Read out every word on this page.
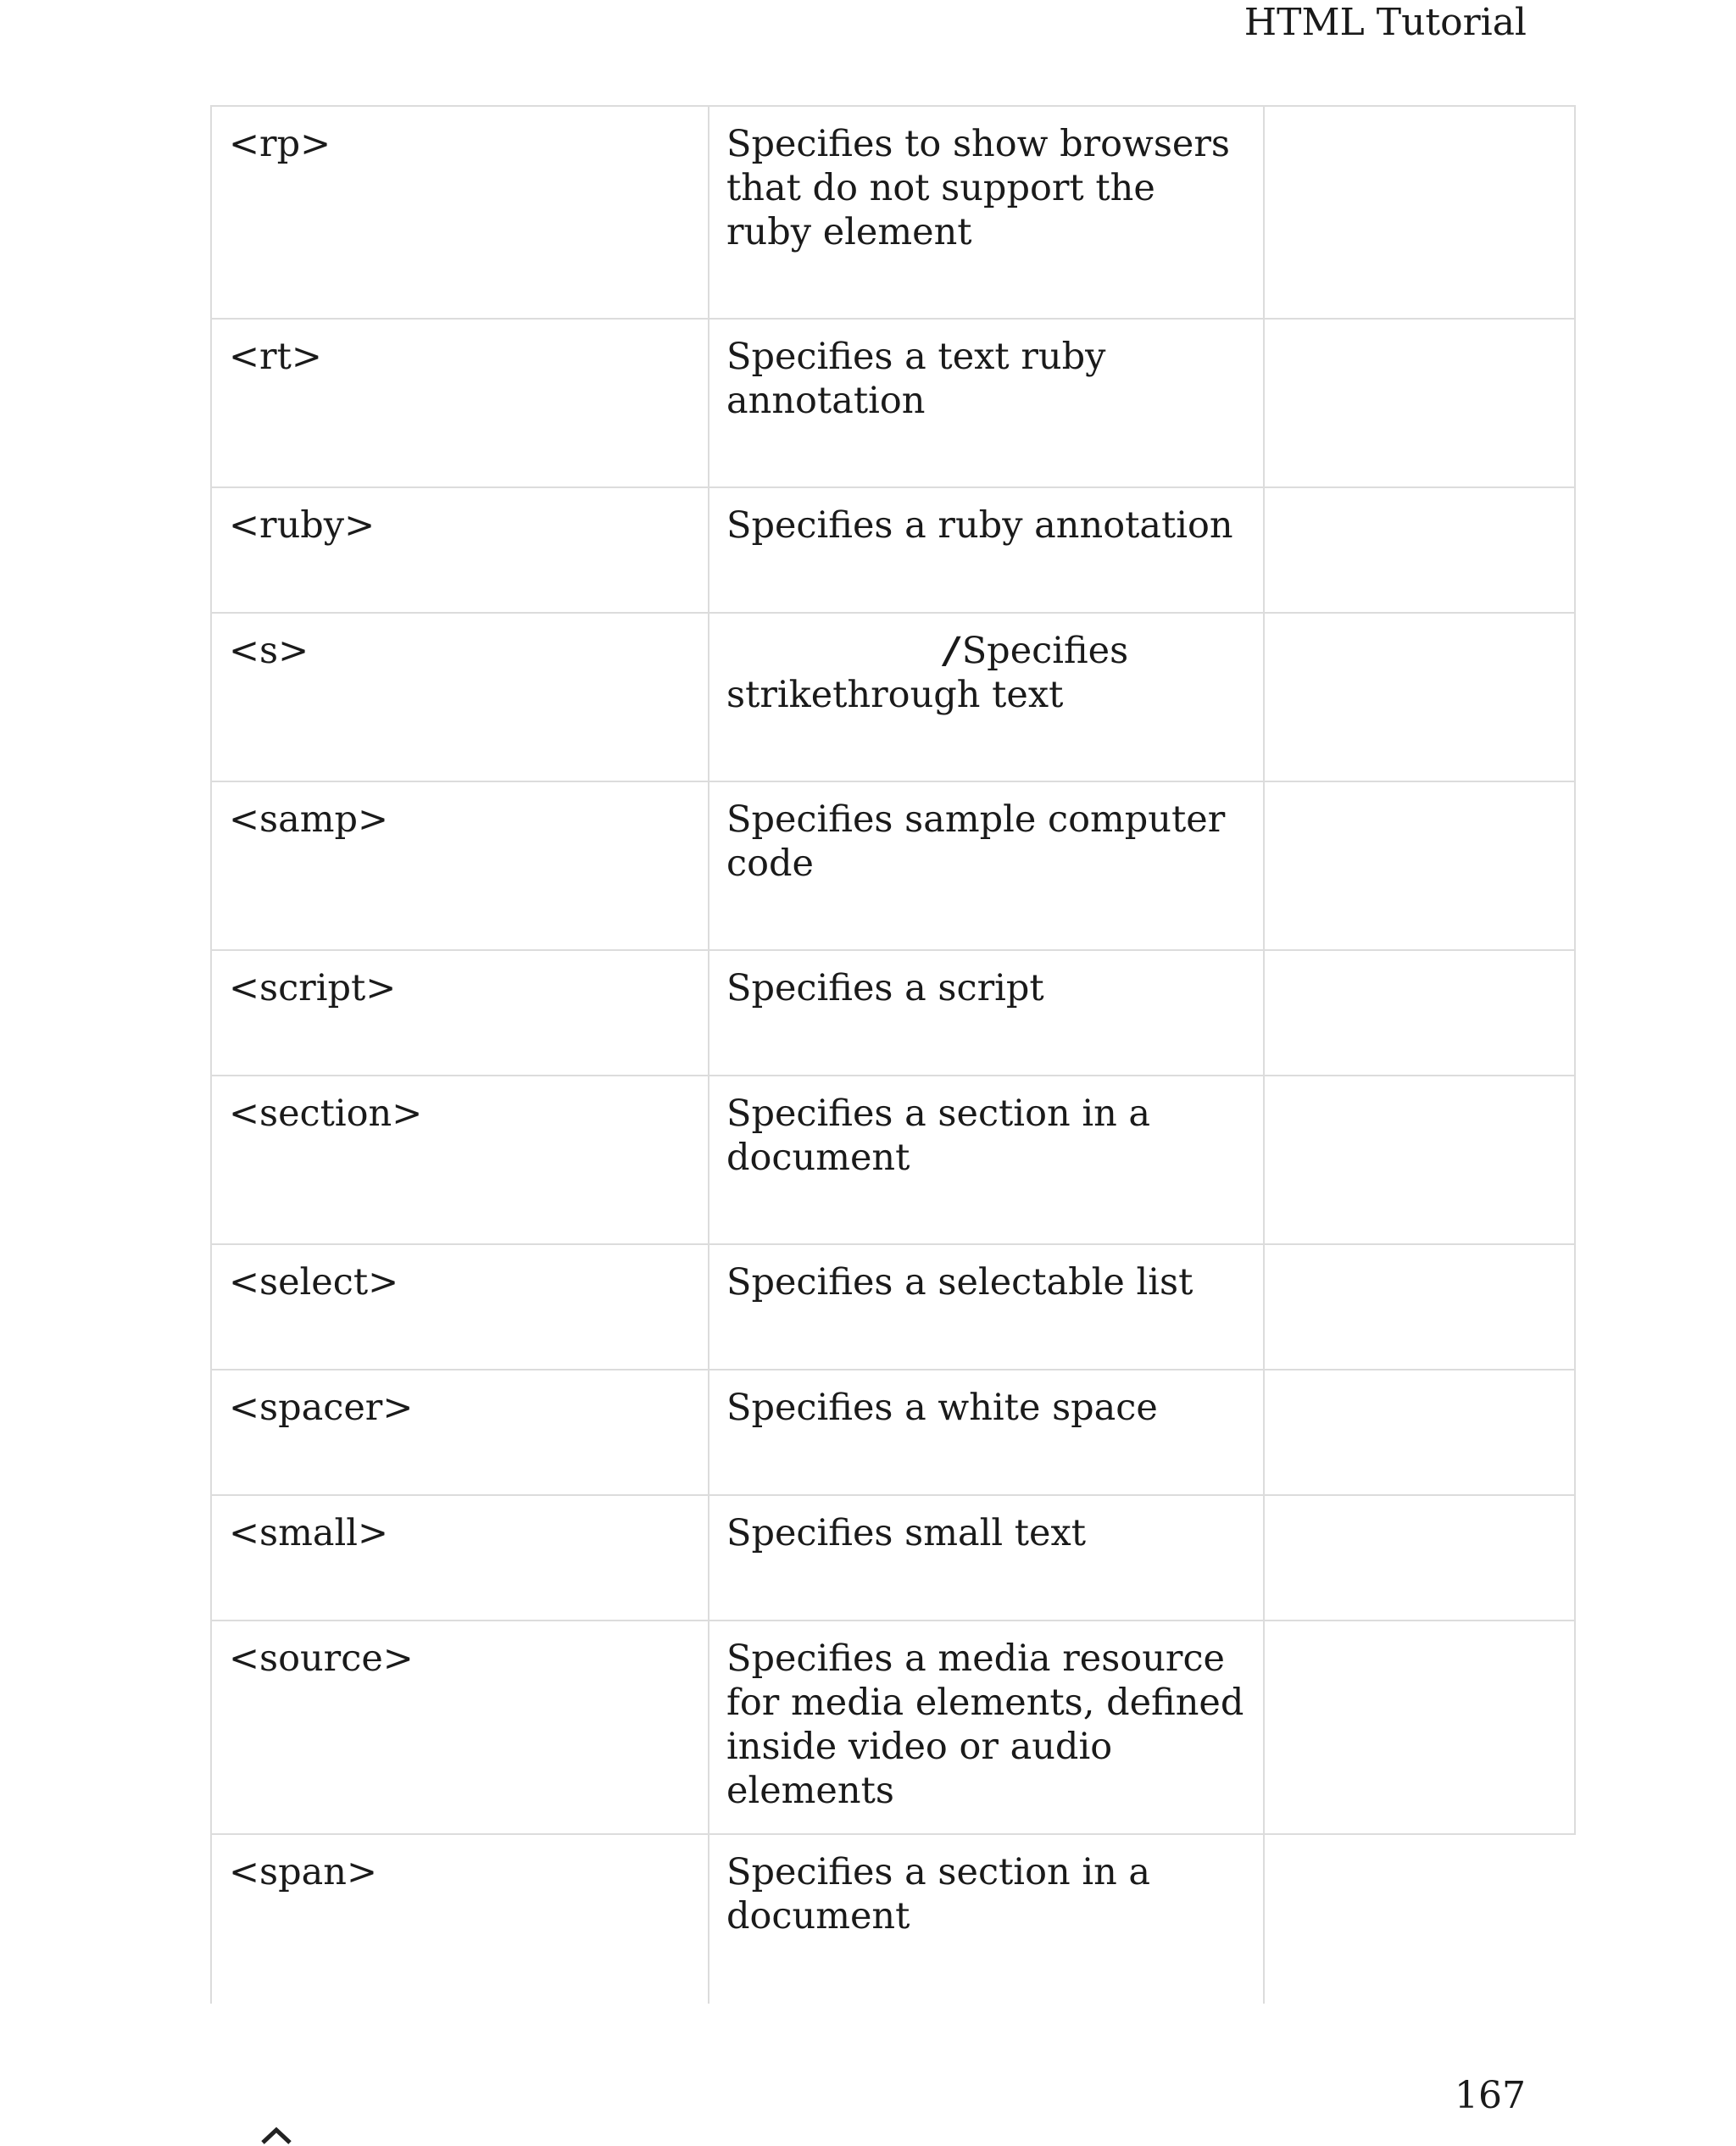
HTML Tutorial
<rp>	Specifies to show browsers that do not support the ruby element	
<rt>	Specifies a text ruby annotation	
<ruby>	Specifies a ruby annotation	
<s>	/Specifies strikethrough text	
<samp>	Specifies sample computer code	
<script>	Specifies a script	
<section>	Specifies a section in a document	
<select>	Specifies a selectable list	
<spacer>	Specifies a white space	
<small>	Specifies small text	
<source>	Specifies a media resource for media elements, defined inside video or audio elements	
<span>	Specifies a section in a document	
167
